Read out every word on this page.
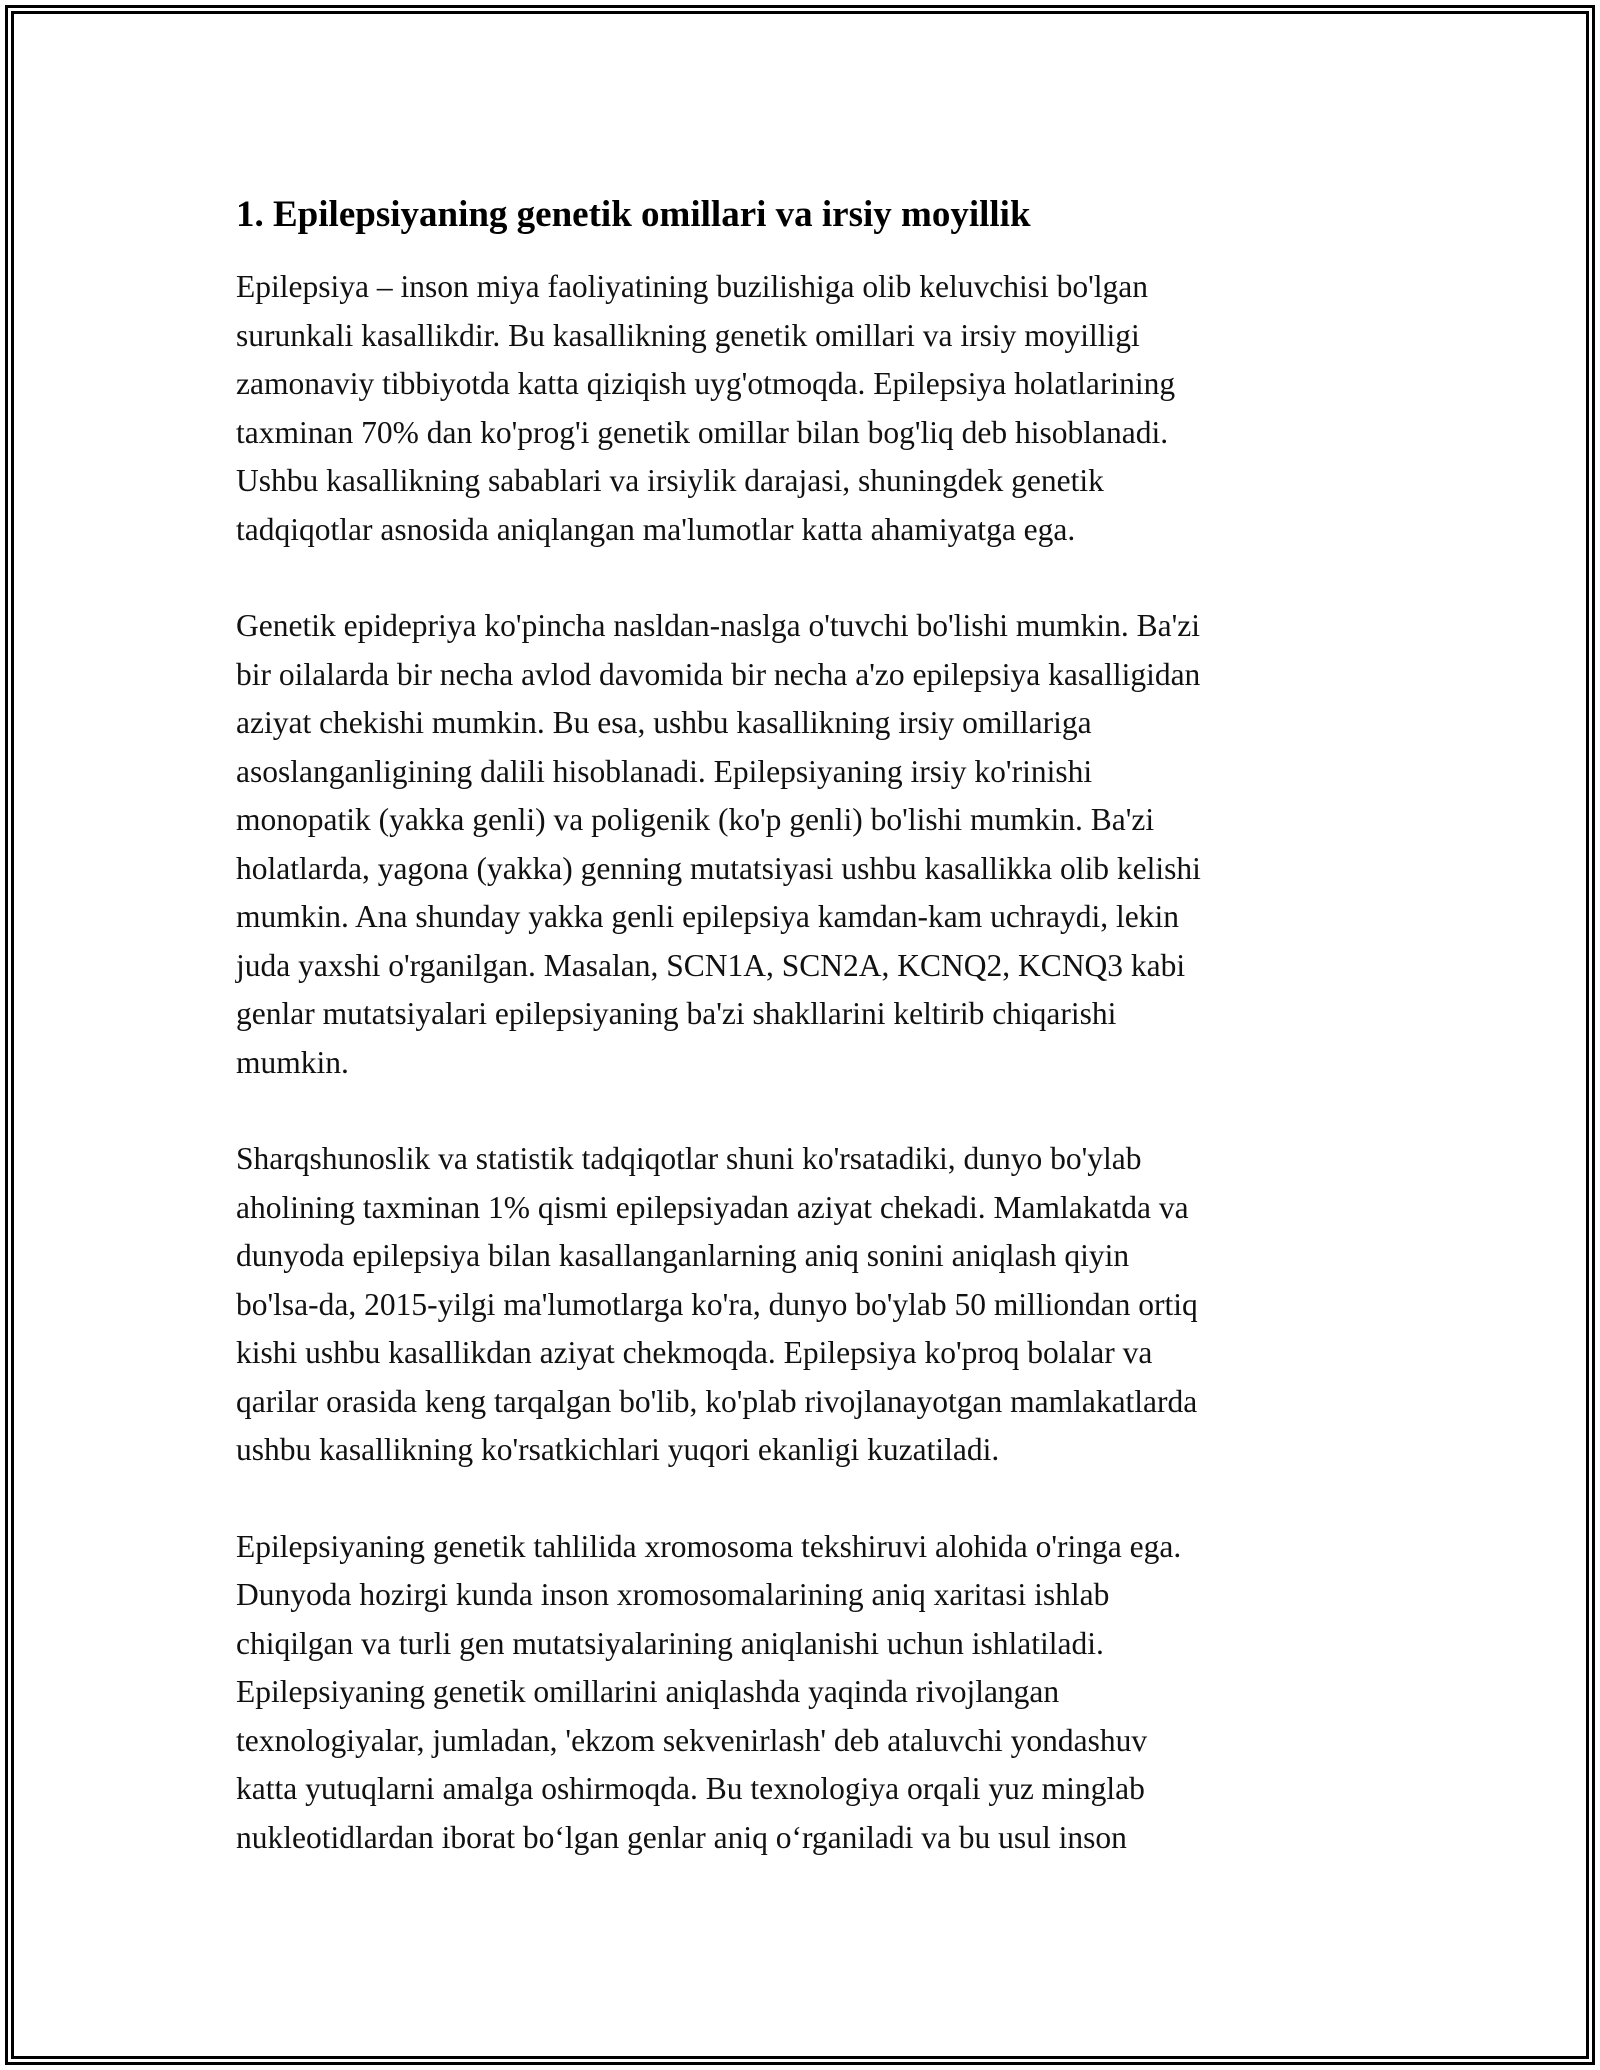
1. Epilepsiyaning genetik omillari va irsiy moyillik

Epilepsiya – inson miya faoliyatining buzilishiga olib keluvchisi bo'lgan
surunkali kasallikdir. Bu kasallikning genetik omillari va irsiy moyilligi
zamonaviy tibbiyotda katta qiziqish uyg'otmoqda. Epilepsiya holatlarining
taxminan 70% dan ko'prog'i genetik omillar bilan bog'liq deb hisoblanadi.
Ushbu kasallikning sabablari va irsiylik darajasi, shuningdek genetik
tadqiqotlar asnosida aniqlangan ma'lumotlar katta ahamiyatga ega.

Genetik epidepriya ko'pincha nasldan-naslga o'tuvchi bo'lishi mumkin. Ba'zi
bir oilalarda bir necha avlod davomida bir necha a'zo epilepsiya kasalligidan
aziyat chekishi mumkin. Bu esa, ushbu kasallikning irsiy omillariga
asoslanganligining dalili hisoblanadi. Epilepsiyaning irsiy ko'rinishi
monopatik (yakka genli) va poligenik (ko'p genli) bo'lishi mumkin. Ba'zi
holatlarda, yagona (yakka) genning mutatsiyasi ushbu kasallikka olib kelishi
mumkin. Ana shunday yakka genli epilepsiya kamdan-kam uchraydi, lekin
juda yaxshi o'rganilgan. Masalan, SCN1A, SCN2A, KCNQ2, KCNQ3 kabi
genlar mutatsiyalari epilepsiyaning ba'zi shakllarini keltirib chiqarishi
mumkin.

Sharqshunoslik va statistik tadqiqotlar shuni ko'rsatadiki, dunyo bo'ylab
aholining taxminan 1% qismi epilepsiyadan aziyat chekadi. Mamlakatda va
dunyoda epilepsiya bilan kasallanganlarning aniq sonini aniqlash qiyin
bo'lsa-da, 2015-yilgi ma'lumotlarga ko'ra, dunyo bo'ylab 50 milliondan ortiq
kishi ushbu kasallikdan aziyat chekmoqda. Epilepsiya ko'proq bolalar va
qarilar orasida keng tarqalgan bo'lib, ko'plab rivojlanayotgan mamlakatlarda
ushbu kasallikning ko'rsatkichlari yuqori ekanligi kuzatiladi.

Epilepsiyaning genetik tahlilida xromosoma tekshiruvi alohida o'ringa ega.
Dunyoda hozirgi kunda inson xromosomalarining aniq xaritasi ishlab
chiqilgan va turli gen mutatsiyalarining aniqlanishi uchun ishlatiladi.
Epilepsiyaning genetik omillarini aniqlashda yaqinda rivojlangan
texnologiyalar, jumladan, 'ekzom sekvenirlash' deb ataluvchi yondashuv
katta yutuqlarni amalga oshirmoqda. Bu texnologiya orqali yuz minglab
nukleotidlardan iborat boʻlgan genlar aniq oʻrganiladi va bu usul inson
